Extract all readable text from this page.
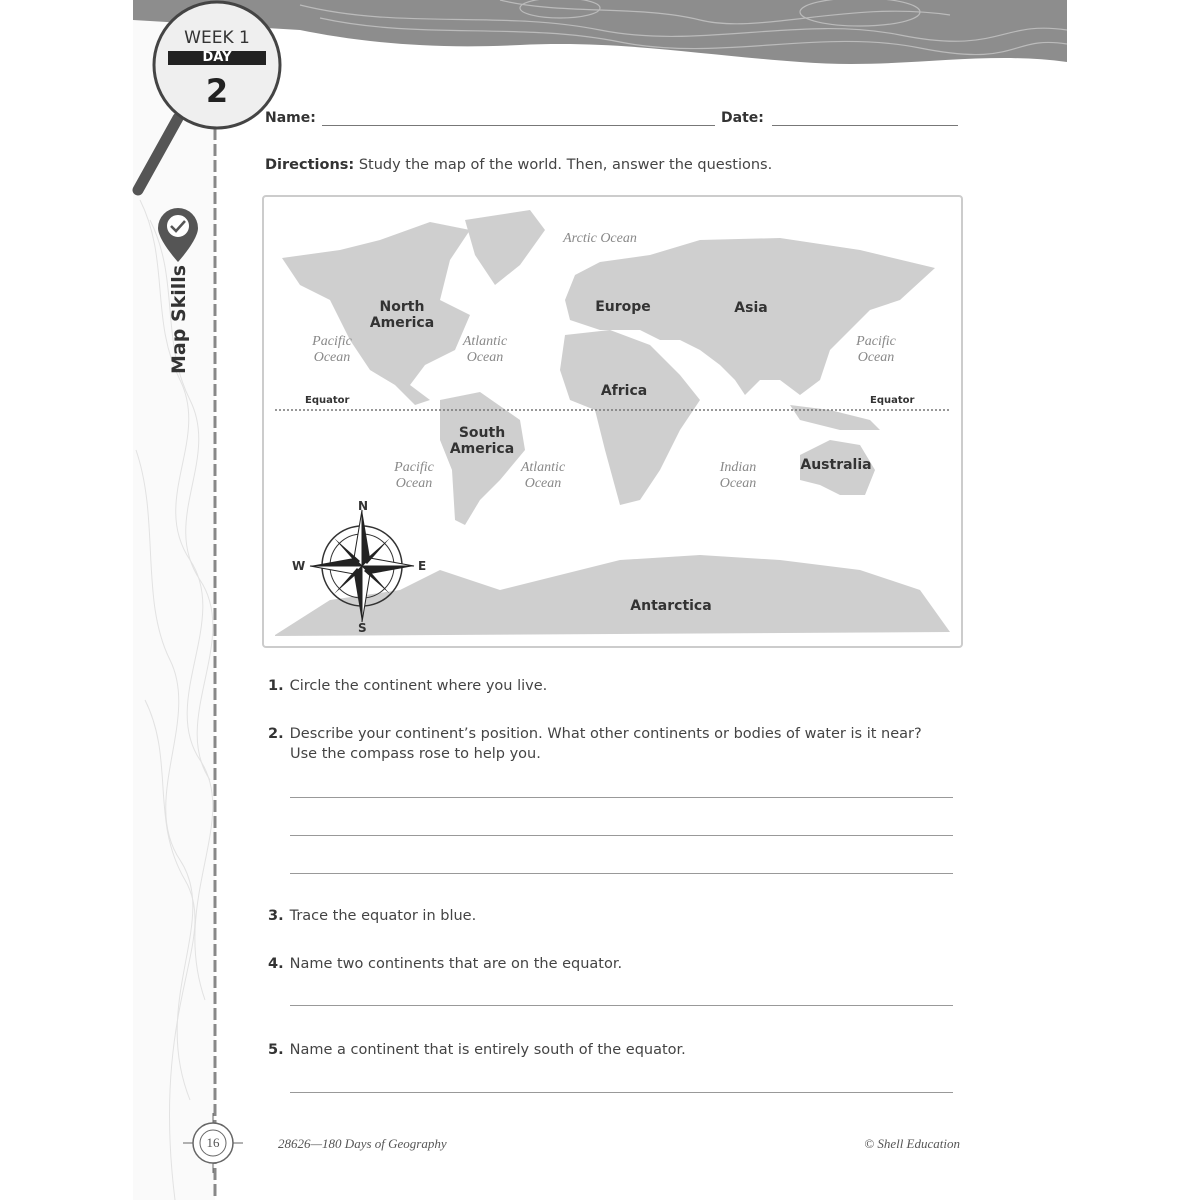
WEEK 1
DAY
2
Map Skills
Name:	Date:
Directions: Study the map of the world. Then, answer the questions.
Arctic Ocean
North America
Europe	Asia
Africa
South America
Australia
Antarctica
Pacific Ocean
Atlantic Ocean
Pacific Ocean
Pacific Ocean
Atlantic Ocean
Indian Ocean
Equator	Equator
N
S
E
W
1. Circle the continent where you live.
2. Describe your continent’s position. What other continents or bodies of water is it near?
Use the compass rose to help you.
3. Trace the equator in blue.
4. Name two continents that are on the equator.
5. Name a continent that is entirely south of the equator.
16	28626—180 Days of Geography	© Shell Education
